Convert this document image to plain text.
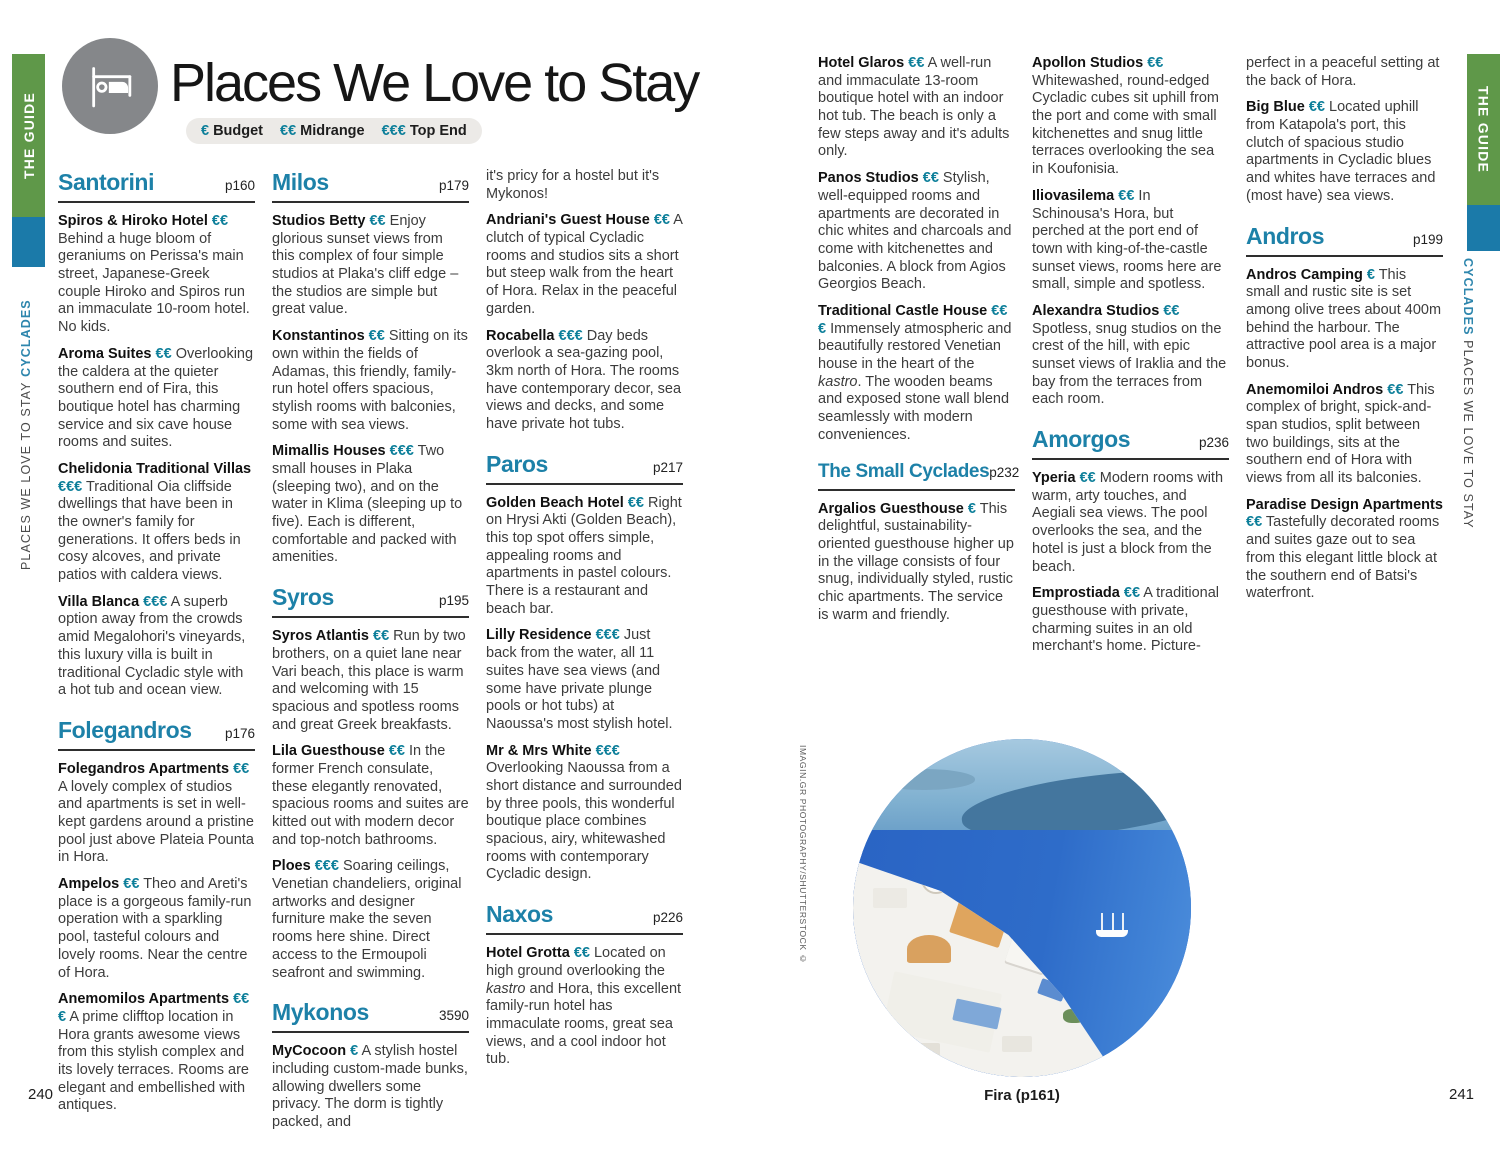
THE GUIDE
PLACES WE LOVE TO STAY CYCLADES
THE GUIDE
CYCLADES PLACES WE LOVE TO STAY
Places We Love to Stay
€ Budget €€ Midrange €€€ Top End
Santorini	p160

Spiros & Hiroko Hotel €€ Behind a huge bloom of geraniums on Perissa's main street, Japanese-Greek couple Hiroko and Spiros run an immaculate 10-room hotel. No kids.

Aroma Suites €€ Overlooking the caldera at the quieter southern end of Fira, this boutique hotel has charming service and six cave house rooms and suites.

Chelidonia Traditional Villas €€€ Traditional Oia cliffside dwellings that have been in the owner's family for generations. It offers beds in cosy alcoves, and private patios with caldera views.

Villa Blanca €€€ A superb option away from the crowds amid Megalohori's vineyards, this luxury villa is built in traditional Cycladic style with a hot tub and ocean view.

Folegandros p176

Folegandros Apartments €€ A lovely complex of studios and apartments is set in well-kept gardens around a pristine pool just above Plateia Pounta in Hora.

Ampelos €€ Theo and Areti's place is a gorgeous family-run operation with a sparkling pool, tasteful colours and lovely rooms. Near the centre of Hora.

Anemomilos Apartments €€€ A prime clifftop location in Hora grants awesome views from this stylish complex and its lovely terraces. Rooms are elegant and embellished with antiques.

Milos	p179

Studios Betty €€ Enjoy glorious sunset views from this complex of four simple studios at Plaka's cliff edge – the studios are simple but great value.

Konstantinos €€ Sitting on its own within the fields of Adamas, this friendly, family-run hotel offers spacious, stylish rooms with balconies, some with sea views.

Mimallis Houses €€€ Two small houses in Plaka (sleeping two), and on the water in Klima (sleeping up to five). Each is different, comfortable and packed with amenities.

Syros	p195

Syros Atlantis €€ Run by two brothers, on a quiet lane near Vari beach, this place is warm and welcoming with 15 spacious and spotless rooms and great Greek breakfasts.

Lila Guesthouse €€ In the former French consulate, these elegantly renovated, spacious rooms and suites are kitted out with modern decor and top-notch bathrooms.

Ploes €€€ Soaring ceilings, Venetian chandeliers, original artworks and designer furniture make the seven rooms here shine. Direct access to the Ermoupoli seafront and swimming.

Mykonos	3590

MyCocoon € A stylish hostel including custom-made bunks, allowing dwellers some privacy. The dorm is tightly packed, and

it's pricy for a hostel but it's Mykonos!

Andriani's Guest House €€ A clutch of typical Cycladic rooms and studios sits a short but steep walk from the heart of Hora. Relax in the peaceful garden.

Rocabella €€€ Day beds overlook a sea-gazing pool, 3km north of Hora. The rooms have contemporary decor, sea views and decks, and some have private hot tubs.

Paros	p217

Golden Beach Hotel €€ Right on Hrysi Akti (Golden Beach), this top spot offers simple, appealing rooms and apartments in pastel colours. There is a restaurant and beach bar.

Lilly Residence €€€ Just back from the water, all 11 suites have sea views (and some have private plunge pools or hot tubs) at Naoussa's most stylish hotel.

Mr & Mrs White €€€ Overlooking Naoussa from a short distance and surrounded by three pools, this wonderful boutique place combines spacious, airy, whitewashed rooms with contemporary Cycladic design.

Naxos	p226

Hotel Grotta €€ Located on high ground overlooking the kastro and Hora, this excellent family-run hotel has immaculate rooms, great sea views, and a cool indoor hot tub.

Hotel Glaros €€ A well-run and immaculate 13-room boutique hotel with an indoor hot tub. The beach is only a few steps away and it's adults only.

Panos Studios €€ Stylish, well-equipped rooms and apartments are decorated in chic whites and charcoals and come with kitchenettes and balconies. A block from Agios Georgios Beach.

Traditional Castle House €€€ Immensely atmospheric and beautifully restored Venetian house in the heart of the kastro. The wooden beams and exposed stone wall blend seamlessly with modern conveniences.

The Small Cyclades p232

Argalios Guesthouse € This delightful, sustainability-oriented guesthouse higher up in the village consists of four snug, individually styled, rustic chic apartments. The service is warm and friendly.

Apollon Studios €€ Whitewashed, round-edged Cycladic cubes sit uphill from the port and come with small kitchenettes and snug little terraces overlooking the sea in Koufonisia.

Iliovasilema €€ In Schinousa's Hora, but perched at the port end of town with king-of-the-castle sunset views, rooms here are small, simple and spotless.

Alexandra Studios €€ Spotless, snug studios on the crest of the hill, with epic sunset views of Iraklia and the bay from the terraces from each room.

Amorgos	p236

Yperia €€ Modern rooms with warm, arty touches, and Aegiali sea views. The pool overlooks the sea, and the hotel is just a block from the beach.

Emprostiada €€ A traditional guesthouse with private, charming suites in an old merchant's home. Picture-

perfect in a peaceful setting at the back of Hora.

Big Blue €€ Located uphill from Katapola's port, this clutch of spacious studio apartments in Cycladic blues and whites have terraces and (most have) sea views.

Andros	p199

Andros Camping € This small and rustic site is set among olive trees about 400m behind the harbour. The attractive pool area is a major bonus.

Anemomiloi Andros €€ This complex of bright, spick-and-span studios, split between two buildings, sits at the southern end of Hora with views from all its balconies.

Paradise Design Apartments €€ Tastefully decorated rooms and suites gaze out to sea from this elegant little block at the southern end of Batsi's waterfront.

Fira (p161)
IMAGIN.GR PHOTOGRAPHY/SHUTTERSTOCK ©
240	241
